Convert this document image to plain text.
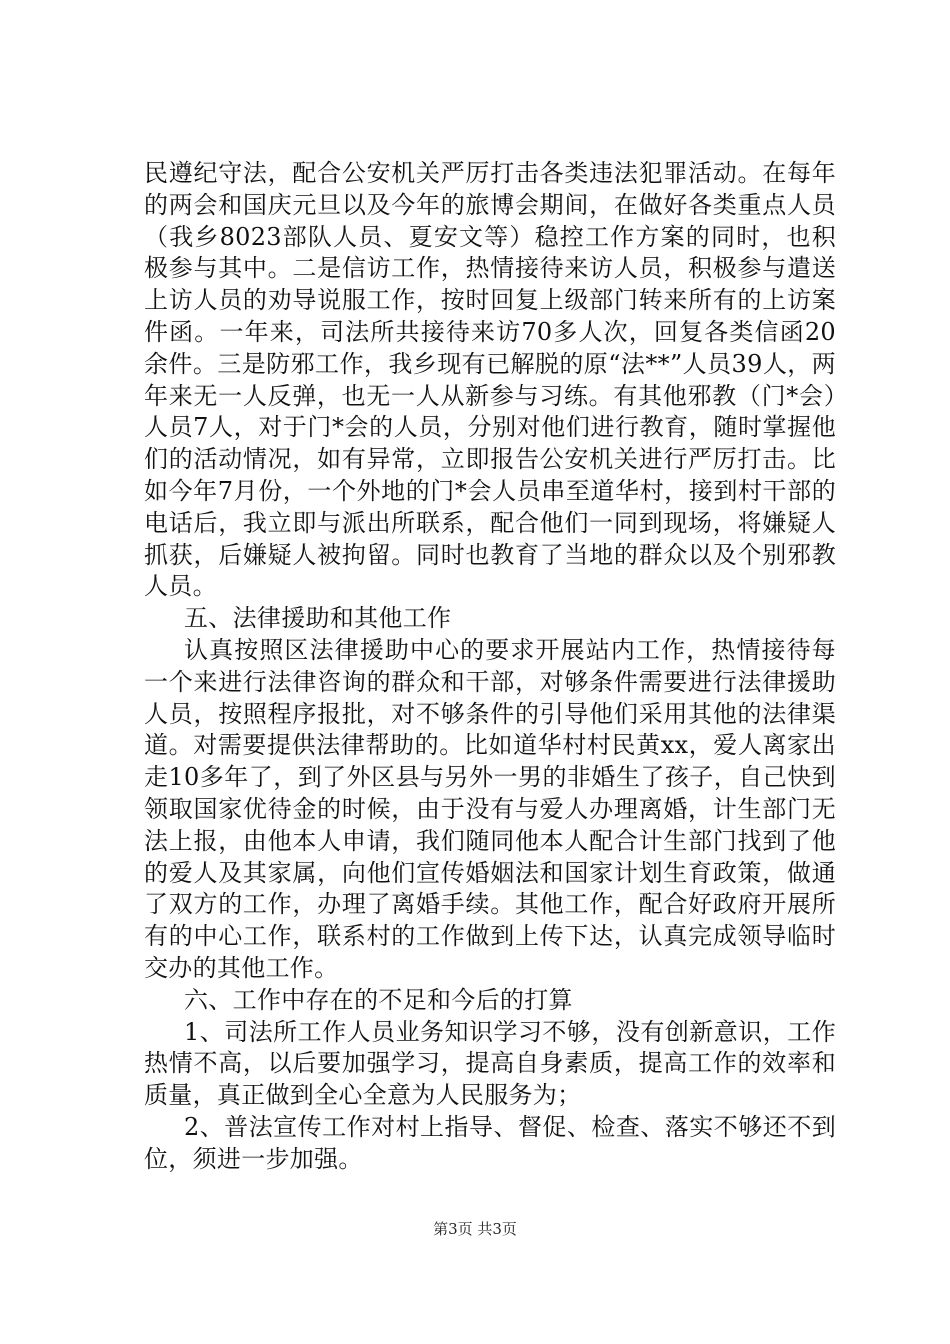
民遵纪守法，配合公安机关严厉打击各类违法犯罪活动。在每年的两会和国庆元旦以及今年的旅博会期间，在做好各类重点人员（我乡8023部队人员、夏安文等）稳控工作方案的同时，也积极参与其中。二是信访工作，热情接待来访人员，积极参与遣送上访人员的劝导说服工作，按时回复上级部门转来所有的上访案件函。一年来，司法所共接待来访70多人次，回复各类信函20余件。三是防邪工作，我乡现有已解脱的原“法**”人员39人，两年来无一人反弹，也无一人从新参与习练。有其他邪教（门*会）人员7人，对于门*会的人员，分别对他们进行教育，随时掌握他们的活动情况，如有异常，立即报告公安机关进行严厉打击。比如今年7月份，一个外地的门*会人员串至道华村，接到村干部的电话后，我立即与派出所联系，配合他们一同到现场，将嫌疑人抓获，后嫌疑人被拘留。同时也教育了当地的群众以及个别邪教人员。

五、法律援助和其他工作

认真按照区法律援助中心的要求开展站内工作，热情接待每一个来进行法律咨询的群众和干部，对够条件需要进行法律援助人员，按照程序报批，对不够条件的引导他们采用其他的法律渠道。对需要提供法律帮助的。比如道华村村民黄xx，爱人离家出走10多年了，到了外区县与另外一男的非婚生了孩子，自己快到领取国家优待金的时候，由于没有与爱人办理离婚，计生部门无法上报，由他本人申请，我们随同他本人配合计生部门找到了他的爱人及其家属，向他们宣传婚姻法和国家计划生育政策，做通了双方的工作，办理了离婚手续。其他工作，配合好政府开展所有的中心工作，联系村的工作做到上传下达，认真完成领导临时交办的其他工作。

六、工作中存在的不足和今后的打算

1、司法所工作人员业务知识学习不够，没有创新意识，工作热情不高，以后要加强学习，提高自身素质，提高工作的效率和质量，真正做到全心全意为人民服务为；

2、普法宣传工作对村上指导、督促、检查、落实不够还不到位，须进一步加强。

第3页 共3页
